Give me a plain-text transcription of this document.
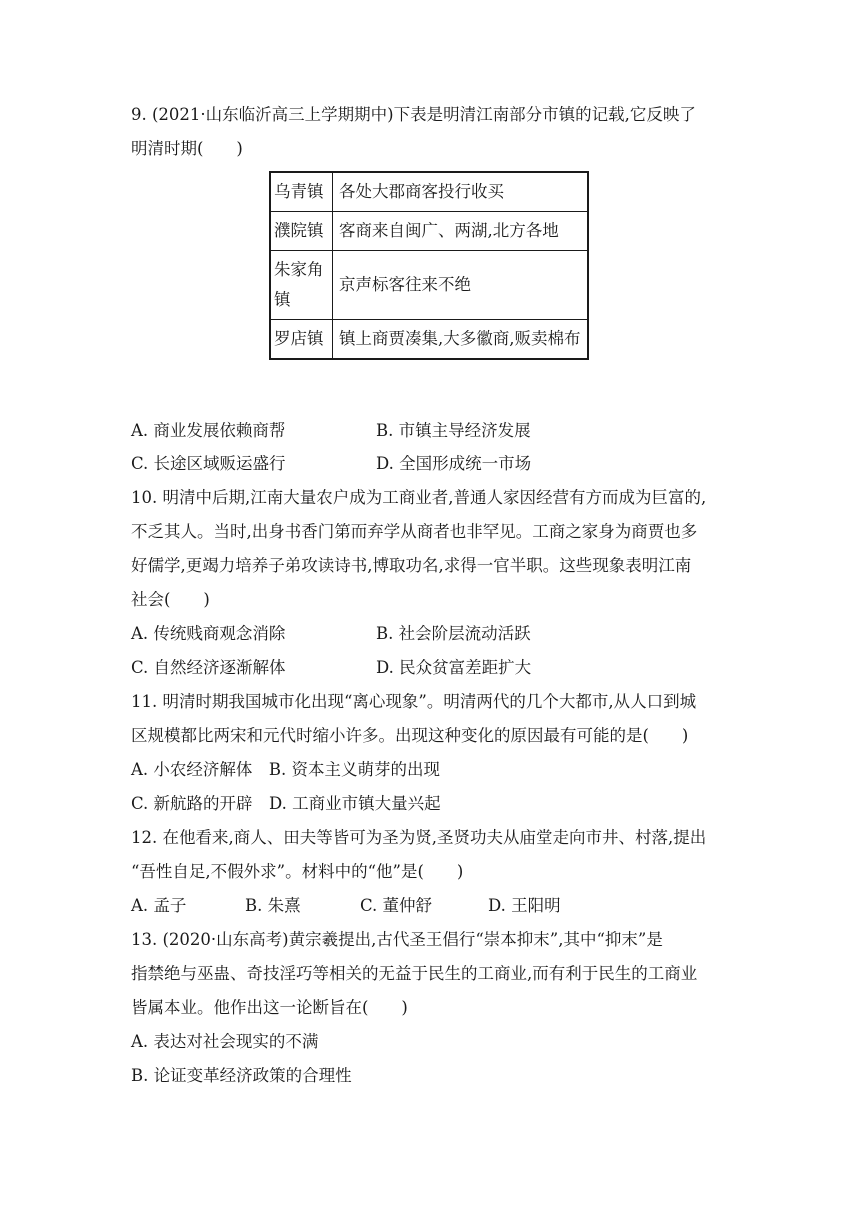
9. (2021·山东临沂高三上学期期中)下表是明清江南部分市镇的记载,它反映了
明清时期(　　)
乌青镇	各处大郡商客投行收买
濮院镇	客商来自闽广、两湖,北方各地
朱家角镇	京声标客往来不绝
罗店镇	镇上商贾凑集,大多徽商,贩卖棉布
A. 商业发展依赖商帮	B. 市镇主导经济发展
C. 长途区域贩运盛行	D. 全国形成统一市场
10. 明清中后期,江南大量农户成为工商业者,普通人家因经营有方而成为巨富的,
不乏其人。当时,出身书香门第而弃学从商者也非罕见。工商之家身为商贾也多
好儒学,更竭力培养子弟攻读诗书,博取功名,求得一官半职。这些现象表明江南
社会(　　)
A. 传统贱商观念消除	B. 社会阶层流动活跃
C. 自然经济逐渐解体	D. 民众贫富差距扩大
11. 明清时期我国城市化出现“离心现象”。明清两代的几个大都市,从人口到城
区规模都比两宋和元代时缩小许多。出现这种变化的原因最有可能的是(　　)
A. 小农经济解体　B. 资本主义萌芽的出现
C. 新航路的开辟　D. 工商业市镇大量兴起
12. 在他看来,商人、田夫等皆可为圣为贤,圣贤功夫从庙堂走向市井、村落,提出
“吾性自足,不假外求”。材料中的“他”是(　　)
A. 孟子	B. 朱熹	C. 董仲舒	D. 王阳明
13. (2020·山东高考)黄宗羲提出,古代圣王倡行“崇本抑末”,其中“抑末”是
指禁绝与巫蛊、奇技淫巧等相关的无益于民生的工商业,而有利于民生的工商业
皆属本业。他作出这一论断旨在(　　)
A. 表达对社会现实的不满
B. 论证变革经济政策的合理性
